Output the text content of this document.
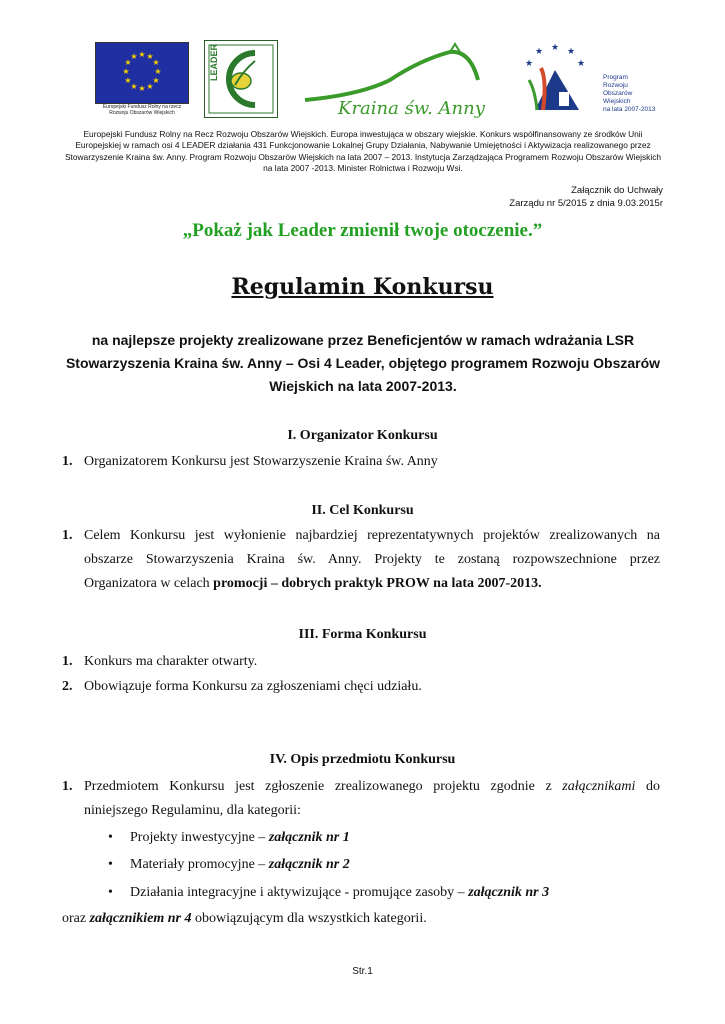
★ ★
★
★
★
★
★
★
★
★
★
★
Europejski Fundusz Rolny na rzecz Rozwoju Obszarów Wiejskich
LEADER
Kraina św. Anny
★ ★
★
★
★
Program
Rozwoju
Obszarów
Wiejskich
na lata 2007-2013
Europejski Fundusz Rolny na Recz Rozwoju Obszarów Wiejskich. Europa inwestująca w obszary wiejskie. Konkurs współfinansowany ze środków Unii Europejskiej w ramach osi 4 LEADER działania 431 Funkcjonowanie Lokalnej Grupy Działania, Nabywanie Umiejętności i Aktywizacja realizowanego przez Stowarzyszenie Kraina św. Anny. Program Rozwoju Obszarów Wiejskich na lata 2007 – 2013. Instytucja Zarządzająca Programem Rozwoju Obszarów Wiejskich na lata 2007 -2013. Minister Rolnictwa i Rozwoju Wsi.
Załącznik do Uchwały
Zarządu nr 5/2015 z dnia 9.03.2015r
„Pokaż jak Leader zmienił twoje otoczenie.”
Regulamin Konkursu
na najlepsze projekty zrealizowane przez Beneficjentów w ramach wdrażania LSR Stowarzyszenia Kraina św. Anny – Osi 4 Leader, objętego programem Rozwoju Obszarów Wiejskich na lata 2007-2013.
I. Organizator Konkursu
1. Organizatorem Konkursu jest Stowarzyszenie Kraina św. Anny
II. Cel Konkursu
1. Celem Konkursu jest wyłonienie najbardziej reprezentatywnych projektów zrealizowanych na
obszarze Stowarzyszenia Kraina św. Anny. Projekty te zostaną rozpowszechnione przez
Organizatora w celach promocji – dobrych praktyk PROW na lata 2007-2013.
III. Forma Konkursu
1. Konkurs ma charakter otwarty.
2. Obowiązuje forma Konkursu za zgłoszeniami chęci udziału.
IV. Opis przedmiotu Konkursu
1. Przedmiotem Konkursu jest zgłoszenie zrealizowanego projektu zgodnie z załącznikami do
niniejszego Regulaminu, dla kategorii:
• Projekty inwestycyjne – załącznik nr 1
• Materiały promocyjne – załącznik nr 2
• Działania integracyjne i aktywizujące - promujące zasoby – załącznik nr 3
oraz załącznikiem nr 4 obowiązującym dla wszystkich kategorii.
Str.1
